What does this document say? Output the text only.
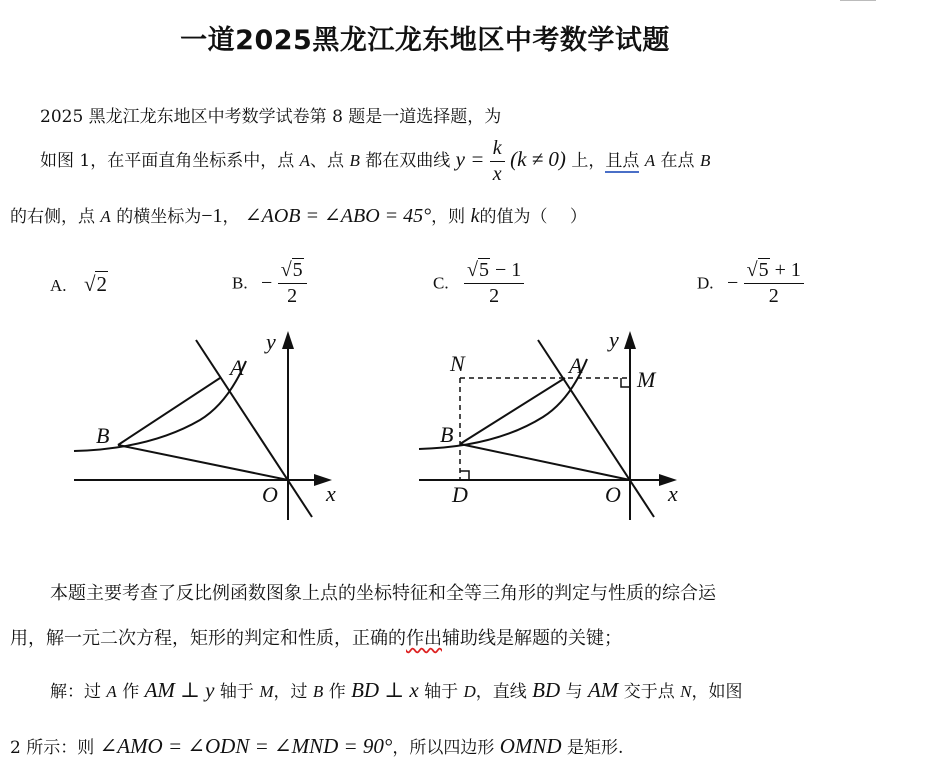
一道2025黑龙江龙东地区中考数学试题
2025 黑龙江龙东地区中考数学试卷第 8 题是一道选择题，为
如图 1，在平面直角坐标系中，点 A、点 B 都在双曲线 $y = \frac{k}{x} (k \ne 0)$ 上，且点 A 在点 B
的右侧，点 A 的横坐标为−1， ∠AOB = ∠ABO = 45°，则 k的值为（　 ）
A. √2	B. − $\frac{√5}{2}$	C. $\frac{√5 - 1}{2}$	D. − $\frac{√5 + 1}{2}$
y
A
B
O x
y
N	A
M
B
D	O x
本题主要考查了反比例函数图象上点的坐标特征和全等三角形的判定与性质的综合运
用，解一元二次方程，矩形的判定和性质，正确的作出辅助线是解题的关键；
解：过 A 作 AM ⊥ y 轴于 M，过 B 作 BD ⊥ x 轴于 D，直线 BD 与 AM 交于点 N，如图
2 所示：则 ∠AMO = ∠ODN = ∠MND = 90°，所以四边形 OMND 是矩形.
